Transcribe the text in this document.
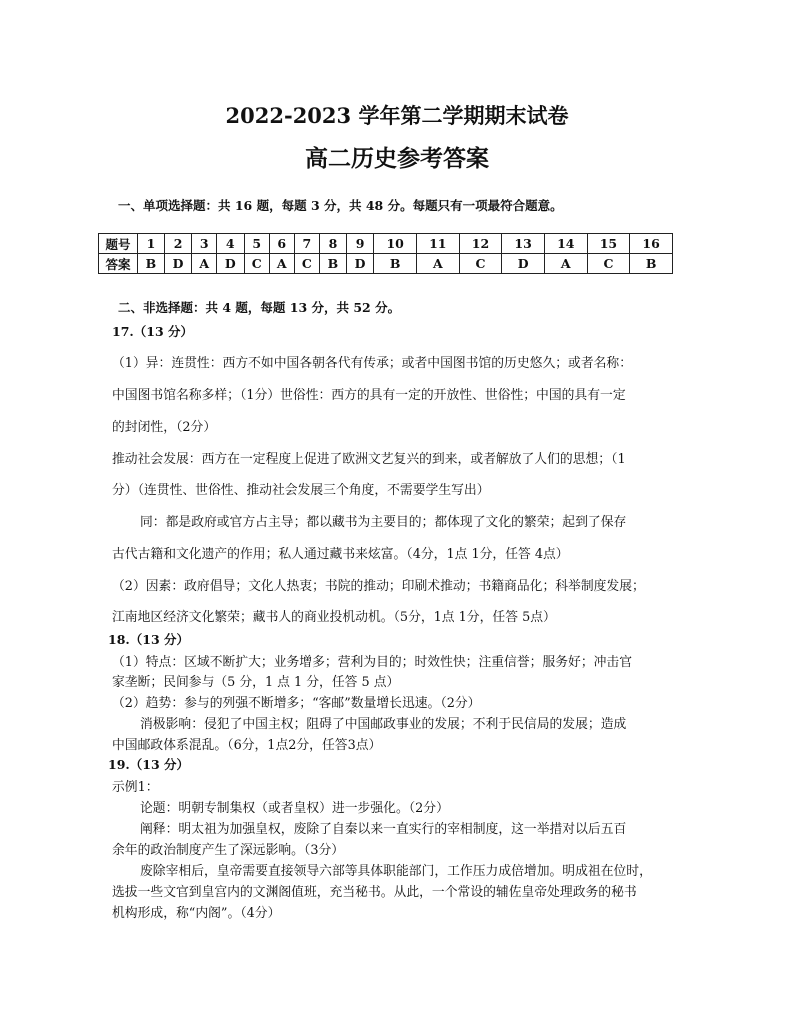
2022-2023 学年第二学期期末试卷
高二历史参考答案
一、单项选择题：共 16 题，每题 3 分，共 48 分。每题只有一项最符合题意。
题号	1	2	3	4	5	6	7	8	9	10	11	12	13	14	15	16
答案	B	D	A	D	C	A	C	B	D	B	A	C	D	A	C	B
二、非选择题：共 4 题，每题 13 分，共 52 分。
17.（13 分）
（1）异：连贯性：西方不如中国各朝各代有传承；或者中国图书馆的历史悠久；或者名称：
中国图书馆名称多样；（1分）世俗性：西方的具有一定的开放性、世俗性；中国的具有一定
的封闭性，（2分）
推动社会发展：西方在一定程度上促进了欧洲文艺复兴的到来，或者解放了人们的思想；（1
分）（连贯性、世俗性、推动社会发展三个角度，不需要学生写出）
同：都是政府或官方占主导；都以藏书为主要目的；都体现了文化的繁荣；起到了保存
古代古籍和文化遗产的作用；私人通过藏书来炫富。（4分，1点 1分，任答 4点）
（2）因素：政府倡导；文化人热衷；书院的推动；印刷术推动；书籍商品化；科举制度发展；
江南地区经济文化繁荣；藏书人的商业投机动机。（5分，1点 1分，任答 5点）
18.（13 分）
（1）特点：区域不断扩大；业务增多；营利为目的；时效性快；注重信誉；服务好；冲击官
家垄断；民间参与（5 分，1 点 1 分，任答 5 点）
（2）趋势：参与的列强不断增多；“客邮”数量增长迅速。（2分）
消极影响：侵犯了中国主权；阻碍了中国邮政事业的发展；不利于民信局的发展；造成
中国邮政体系混乱。（6分，1点2分，任答3点）
19.（13 分）
示例1：
论题：明朝专制集权（或者皇权）进一步强化。（2分）
阐释：明太祖为加强皇权，废除了自秦以来一直实行的宰相制度，这一举措对以后五百
余年的政治制度产生了深远影响。（3分）
废除宰相后，皇帝需要直接领导六部等具体职能部门，工作压力成倍增加。明成祖在位时，
选拔一些文官到皇宫内的文渊阁值班，充当秘书。从此，一个常设的辅佐皇帝处理政务的秘书
机构形成，称“内阁”。（4分）
